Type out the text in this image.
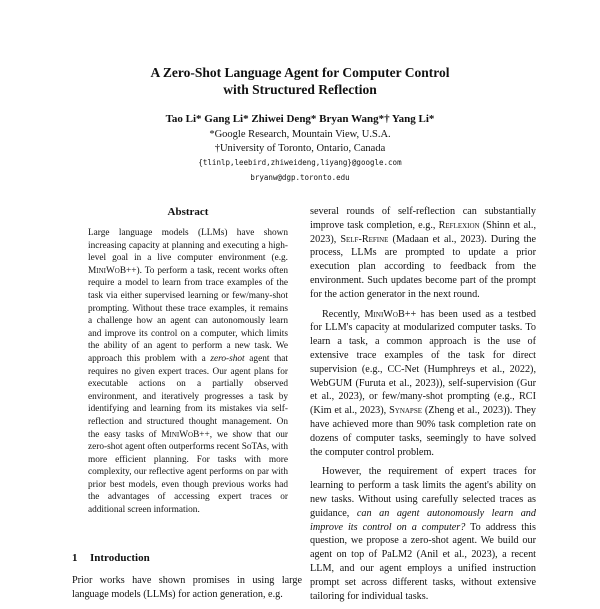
A Zero-Shot Language Agent for Computer Control
with Structured Reflection
Tao Li* Gang Li* Zhiwei Deng* Bryan Wang*† Yang Li*
*Google Research, Mountain View, U.S.A.
†University of Toronto, Ontario, Canada
{tlinlp,leebird,zhiweideng,liyang}@google.com
bryanw@dgp.toronto.edu
Abstract
Large language models (LLMs) have shown increasing capacity at planning and executing a high-level goal in a live computer environment (e.g. MiniWoB++). To perform a task, recent works often require a model to learn from trace examples of the task via either supervised learning or few/many-shot prompting. Without these trace examples, it remains a challenge how an agent can autonomously learn and improve its control on a computer, which limits the ability of an agent to perform a new task. We approach this problem with a zero-shot agent that requires no given expert traces. Our agent plans for executable actions on a partially observed environment, and iteratively progresses a task by identifying and learning from its mistakes via self-reflection and structured thought management. On the easy tasks of MiniWoB++, we show that our zero-shot agent often outperforms recent SoTAs, with more efficient planning. For tasks with more complexity, our reflective agent performs on par with prior best models, even though previous works had the advantages of accessing expert traces or additional screen information.
1 Introduction
Prior works have shown promises in using large language models (LLMs) for action generation, e.g.

several rounds of self-reflection can substantially improve task completion, e.g., Reflexion (Shinn et al., 2023), Self-Refine (Madaan et al., 2023). During the process, LLMs are prompted to update a prior execution plan according to feedback from the environment. Such updates become part of the prompt for the action generator in the next round.

Recently, MiniWoB++ has been used as a testbed for LLM's capacity at modularized computer tasks. To learn a task, a common approach is the use of extensive trace examples of the task for direct supervision (e.g., CC-Net (Humphreys et al., 2022), WebGUM (Furuta et al., 2023)), self-supervision (Gur et al., 2023), or few/many-shot prompting (e.g., RCI (Kim et al., 2023), Synapse (Zheng et al., 2023)). They have achieved more than 90% task completion rate on dozens of computer tasks, seemingly to have solved the computer control problem.

However, the requirement of expert traces for learning to perform a task limits the agent's ability on new tasks. Without using carefully selected traces as guidance, can an agent autonomously learn and improve its control on a computer? To address this question, we propose a zero-shot agent. We build our agent on top of PaLM2 (Anil et al., 2023), a recent LLM, and our agent employs a unified instruction prompt set across different tasks, without extensive tailoring for individual tasks.
